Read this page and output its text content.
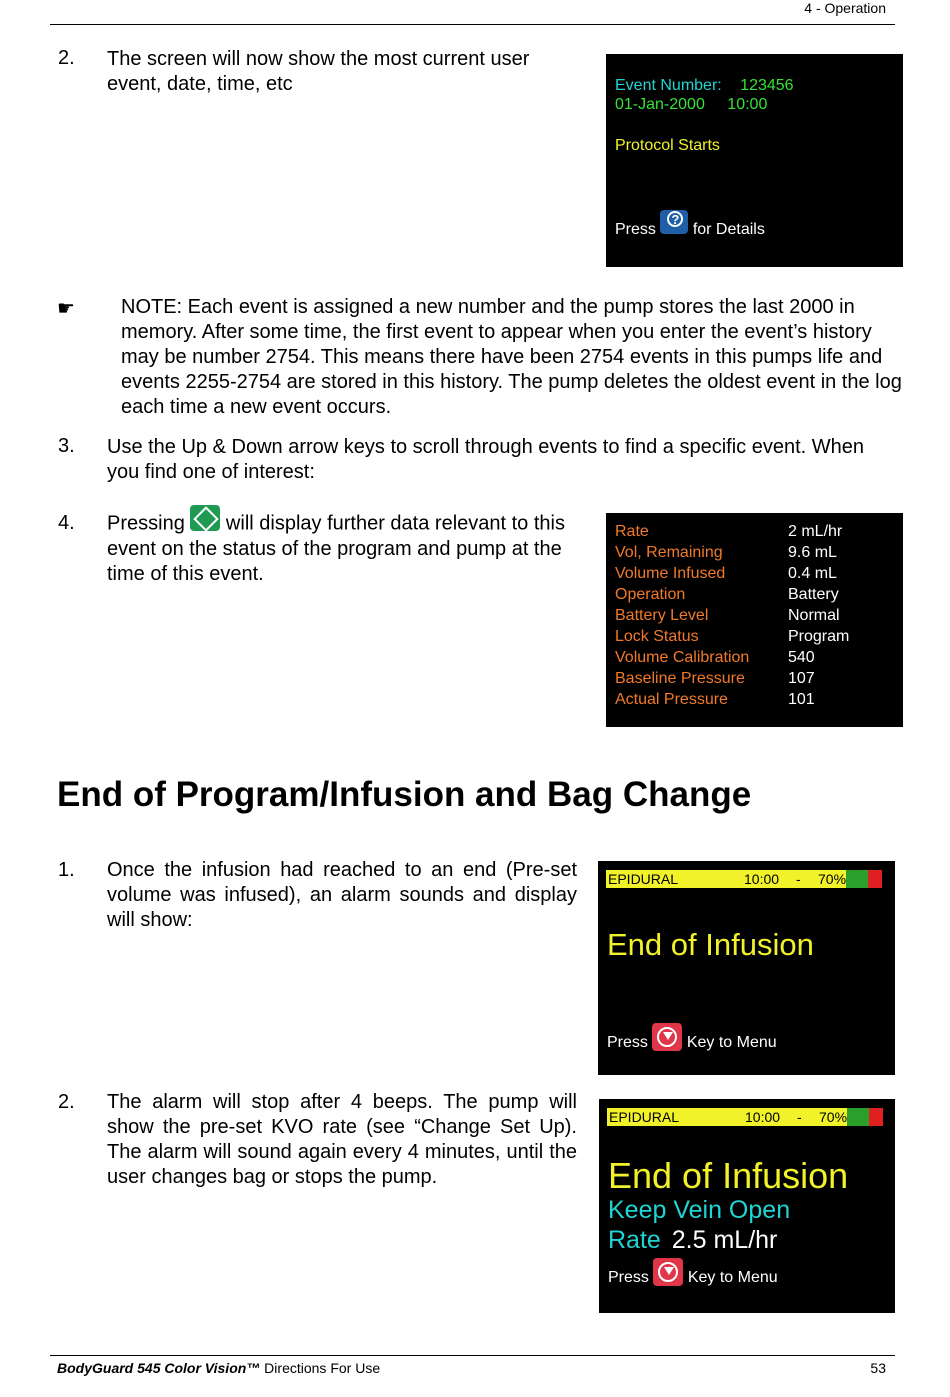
4 - Operation
2. The screen will now show the most current user event, date, time, etc	Event Number: 123456
01-Jan-2000 10:00
Protocol Starts
Press ? for Details
☛ NOTE: Each event is assigned a new number and the pump stores the last 2000 in memory. After some time, the first event to appear when you enter the event’s history may be number 2754. This means there have been 2754 events in this pumps life and events 2255-2754 are stored in this history. The pump deletes the oldest event in the log each time a new event occurs.
3. Use the Up & Down arrow keys to scroll through events to find a specific event. When you find one of interest:
4. Pressing  will display further data relevant to this event on the status of the program and pump at the time of this event.
Rate	2 mL/hr
Vol, Remaining	9.6 mL
Volume Infused	0.4 mL
Operation	Battery
Battery Level	Normal
Lock Status	Program
Volume Calibration 540
Baseline Pressure	107
Actual Pressure	101
End of Program/Infusion and Bag Change
1. Once the infusion had reached to an end (Pre-set volume was infused), an alarm sounds and display will show:
EPIDURAL	10:00 - 70%
End of Infusion
Press Key to Menu
2. The alarm will stop after 4 beeps. The pump will show the pre-set KVO rate (see “Change Set Up). The alarm will sound again every 4 minutes, until the user changes bag or stops the pump.
EPIDURAL	10:00 - 70%
End of Infusion
Keep Vein Open
Rate 2.5 mL/hr
Press Key to Menu
BodyGuard 545 Color Vision™ Directions For Use	53
